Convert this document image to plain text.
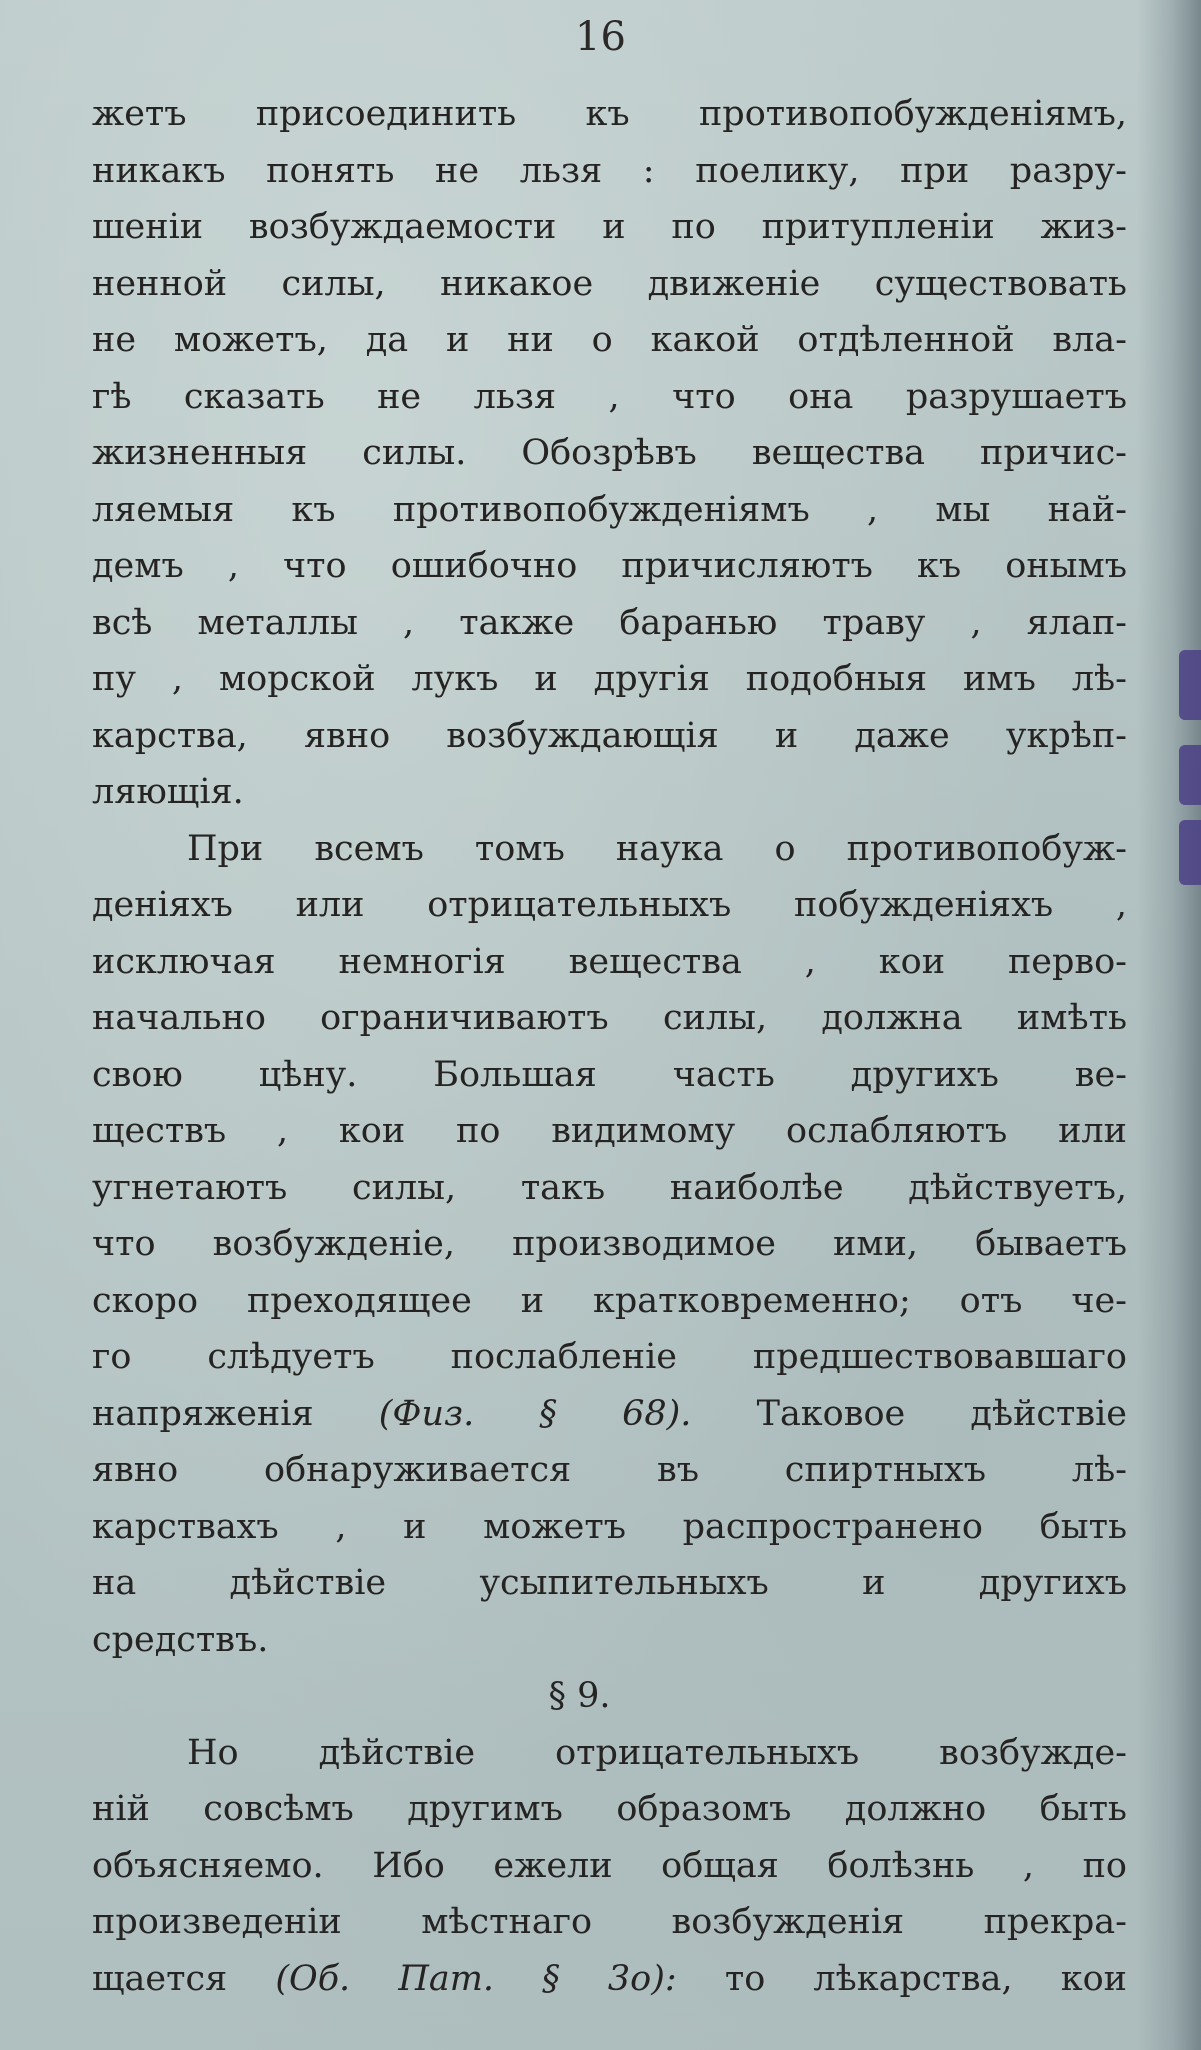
16
жетъ присоединить къ противопобужденiямъ,
никакъ понять не льзя : поелику, при разру-
шенiи возбуждаемости и по притупленiи жиз-
ненной силы, никакое движенiе существовать
не можетъ, да и ни о какой отдѣленной вла-
гѣ сказать не льзя , что она разрушаетъ
жизненныя силы. Обозрѣвъ вещества причис-
ляемыя къ противопобужденiямъ , мы най-
демъ , что ошибочно причисляютъ къ онымъ
всѣ металлы , также баранью траву , ялап-
пу , морской лукъ и другiя подобныя имъ лѣ-
карства, явно возбуждающiя и даже укрѣп-
ляющiя.
При всемъ томъ наука о противопобуж-
денiяхъ или отрицательныхъ побужденiяхъ ,
исключая немногiя вещества , кои перво-
начально ограничиваютъ силы, должна имѣть
свою цѣну. Большая часть другихъ ве-
ществъ , кои по видимому ослабляютъ или
угнетаютъ силы, такъ наиболѣе дѣйствуетъ,
что возбужденiе, производимое ими, бываетъ
скоро преходящее и кратковременно; отъ че-
го слѣдуетъ послабленiе предшествовавшаго
напряженiя (Физ. § 68). Таковое дѣйствiе
явно обнаруживается въ спиртныхъ лѣ-
карствахъ , и можетъ распространено быть
на дѣйствiе усыпительныхъ и другихъ
средствъ.
§ 9.
Но дѣйствiе отрицательныхъ возбужде-
нiй совсѣмъ другимъ образомъ должно быть
объясняемо. Ибо ежели общая болѣзнь , по
произведенiи мѣстнаго возбужденiя прекра-
щается (Об. Пат. § 3о): то лѣкарства, кои
